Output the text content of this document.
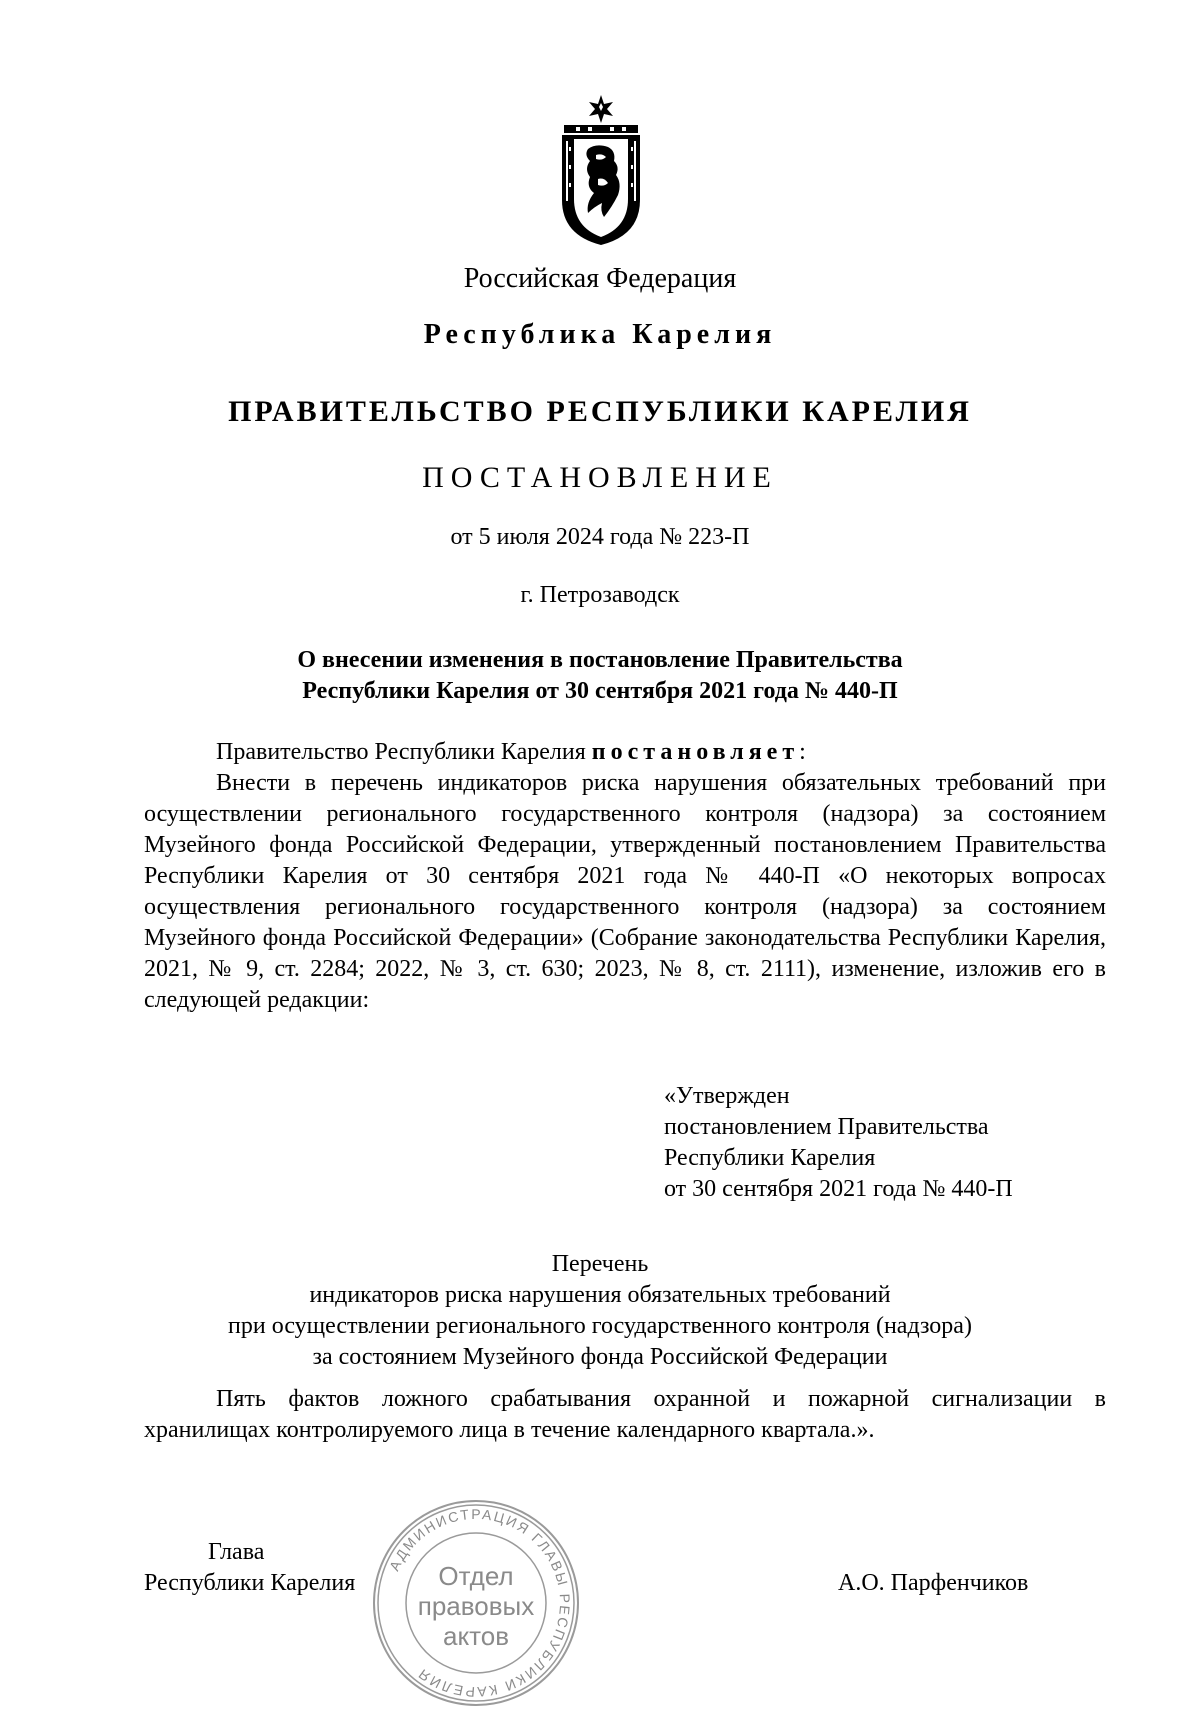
Российская Федерация
Республика Карелия
ПРАВИТЕЛЬСТВО РЕСПУБЛИКИ КАРЕЛИЯ
ПОСТАНОВЛЕНИЕ
от 5 июля 2024 года № 223-П
г. Петрозаводск
О внесении изменения в постановление Правительства
Республики Карелия от 30 сентября 2021 года № 440-П

Правительство Республики Карелия постановляет:

Внести в перечень индикаторов риска нарушения обязательных требований при осуществлении регионального государственного контроля (надзора) за состоянием Музейного фонда Российской Федерации, утвержденный постановлением Правительства Республики Карелия от 30 сентября 2021 года № 440-П «О некоторых вопросах осуществления регионального государственного контроля (надзора) за состоянием Музейного фонда Российской Федерации» (Собрание законодательства Республики Карелия, 2021, № 9, ст. 2284; 2022, № 3, ст. 630; 2023, № 8, ст. 2111), изменение, изложив его в следующей редакции:

«Утвержден
постановлением Правительства
Республики Карелия
от 30 сентября 2021 года № 440-П
Перечень
индикаторов риска нарушения обязательных требований
при осуществлении регионального государственного контроля (надзора)
за состоянием Музейного фонда Российской Федерации

Пять фактов ложного срабатывания охранной и пожарной сигнализации в хранилищах контролируемого лица в течение календарного квартала.».

Глава
Республики Карелия	А.О. Парфенчиков
АДМИНИСТРАЦИЯ ГЛАВЫ РЕСПУБЛИКИ КАРЕЛИЯ
Отдел
правовых
актов
